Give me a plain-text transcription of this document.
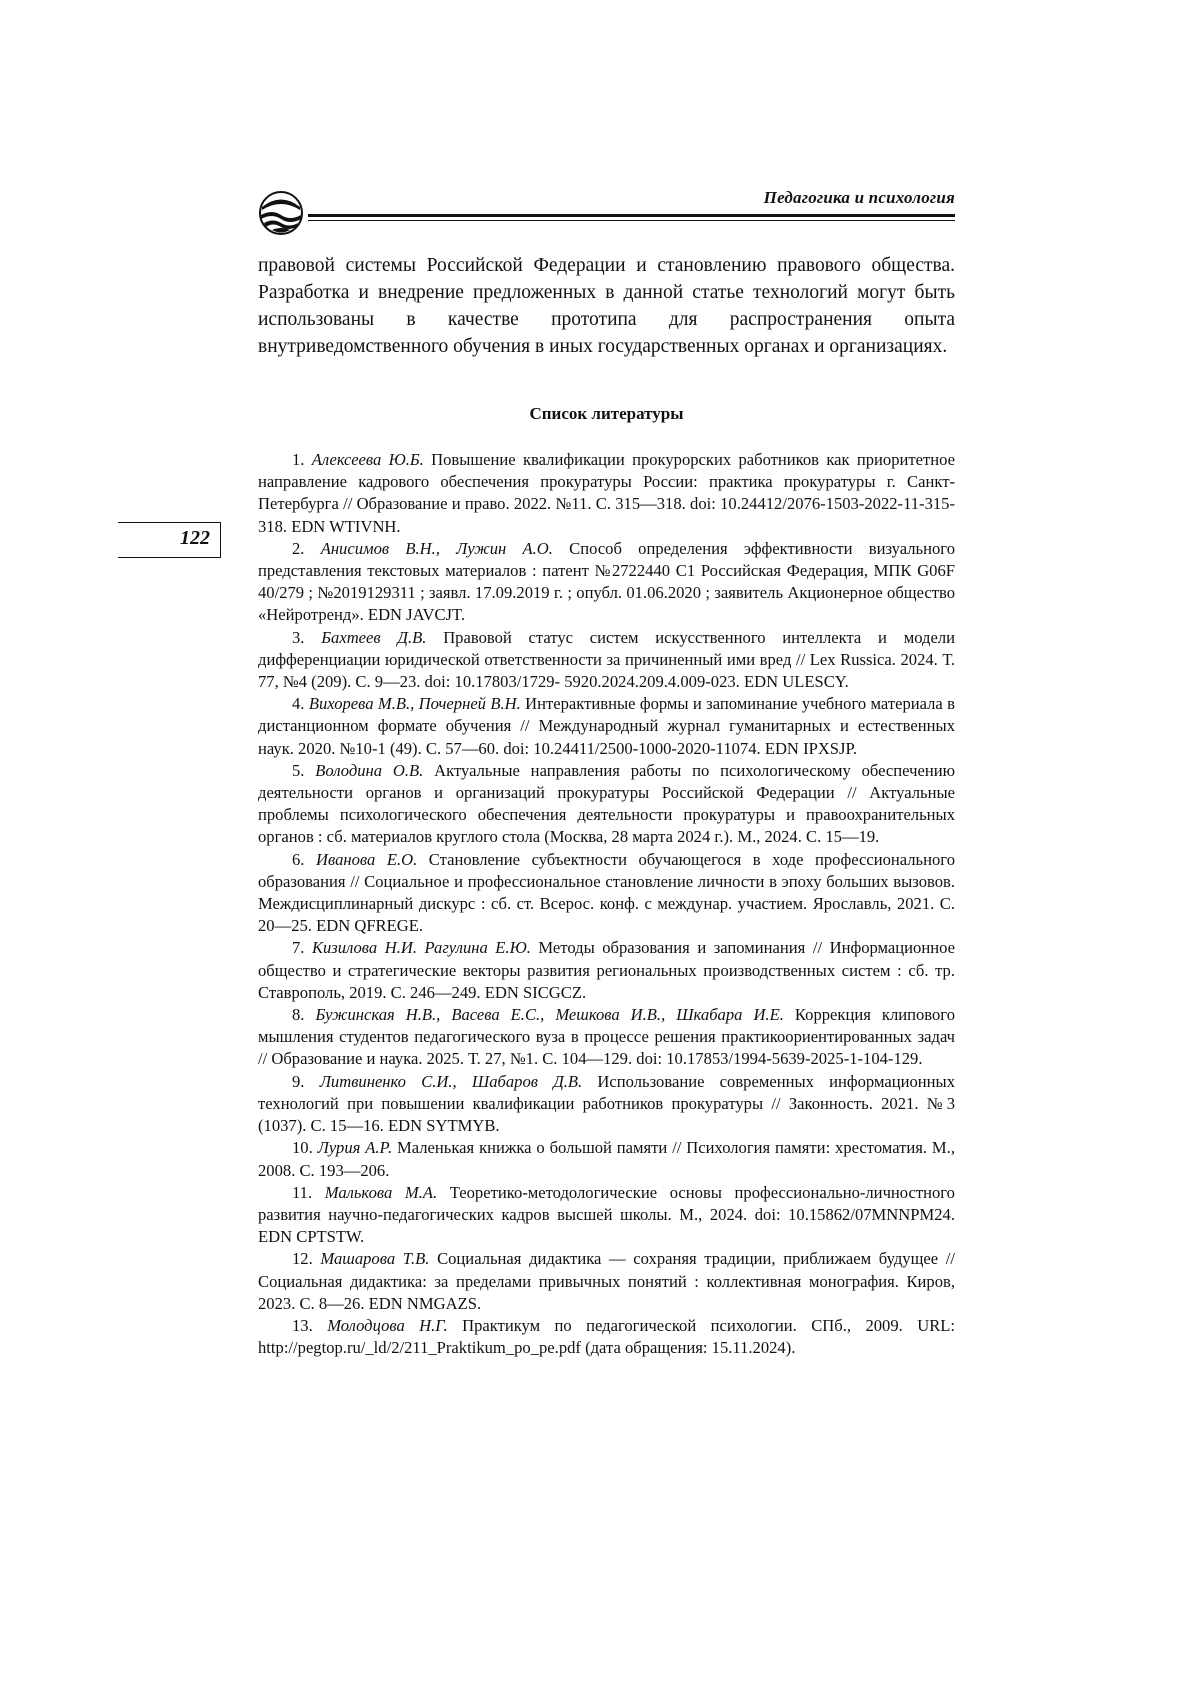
Педагогика и психология
122
правовой системы Российской Федерации и становлению правового общества. Разработка и внедрение предложенных в данной статье технологий могут быть использованы в качестве прототипа для распространения опыта внутриведомственного обучения в иных государственных органах и организациях.
Список литературы

1. Алексеева Ю.Б. Повышение квалификации прокурорских работников как приоритетное направление кадрового обеспечения прокуратуры России: практика прокуратуры г. Санкт-Петербурга // Образование и право. 2022. №11. С. 315—318. doi: 10.24412/2076-1503-2022-11-315-318. EDN WTIVNH.

2. Анисимов В.Н., Лужин А.О. Способ определения эффективности визуального представления текстовых материалов : патент №2722440 C1 Российская Федерация, МПК G06F 40/279 ; №2019129311 ; заявл. 17.09.2019 г. ; опубл. 01.06.2020 ; заявитель Акционерное общество «Нейротренд». EDN JAVCJT.

3. Бахтеев Д.В. Правовой статус систем искусственного интеллекта и модели дифференциации юридической ответственности за причиненный ими вред // Lex Russica. 2024. Т. 77, №4 (209). С. 9—23. doi: 10.17803/1729- 5920.2024.209.4.009-023. EDN ULESCY.

4. Вихорева М.В., Почерней В.Н. Интерактивные формы и запоминание учебного материала в дистанционном формате обучения // Международный журнал гуманитарных и естественных наук. 2020. №10-1 (49). С. 57—60. doi: 10.24411/2500-1000-2020-11074. EDN IPXSJP.

5. Володина О.В. Актуальные направления работы по психологическому обеспечению деятельности органов и организаций прокуратуры Российской Федерации // Актуальные проблемы психологического обеспечения деятельности прокуратуры и правоохранительных органов : сб. материалов круглого стола (Москва, 28 марта 2024 г.). М., 2024. С. 15—19.

6. Иванова Е.О. Становление субъектности обучающегося в ходе профессионального образования // Социальное и профессиональное становление личности в эпоху больших вызовов. Междисциплинарный дискурс : сб. ст. Всерос. конф. с междунар. участием. Ярославль, 2021. С. 20—25. EDN QFREGE.

7. Кизилова Н.И. Рагулина Е.Ю. Методы образования и запоминания // Информационное общество и стратегические векторы развития региональных производственных систем : сб. тр. Ставрополь, 2019. С. 246—249. EDN SICGCZ.

8. Бужинская Н.В., Васева Е.С., Мешкова И.В., Шкабара И.Е. Коррекция клипового мышления студентов педагогического вуза в процессе решения практикоориентированных задач // Образование и наука. 2025. Т. 27, №1. С. 104—129. doi: 10.17853/1994-5639-2025-1-104-129.

9. Литвиненко С.И., Шабаров Д.В. Использование современных информационных технологий при повышении квалификации работников прокуратуры // Законность. 2021. №3 (1037). С. 15—16. EDN SYTMYB.

10. Лурия А.Р. Маленькая книжка о большой памяти // Психология памяти: хрестоматия. М., 2008. С. 193—206.

11. Малькова М.А. Теоретико-методологические основы профессионально-личностного развития научно-педагогических кадров высшей школы. М., 2024. doi: 10.15862/07MNNPM24. EDN CPTSTW.

12. Машарова Т.В. Социальная дидактика — сохраняя традиции, приближаем будущее // Социальная дидактика: за пределами привычных понятий : коллективная монография. Киров, 2023. С. 8—26. EDN NMGAZS.

13. Молодцова Н.Г. Практикум по педагогической психологии. СПб., 2009. URL: http://pegtop.ru/_ld/2/211_Praktikum_po_pe.pdf (дата обращения: 15.11.2024).
